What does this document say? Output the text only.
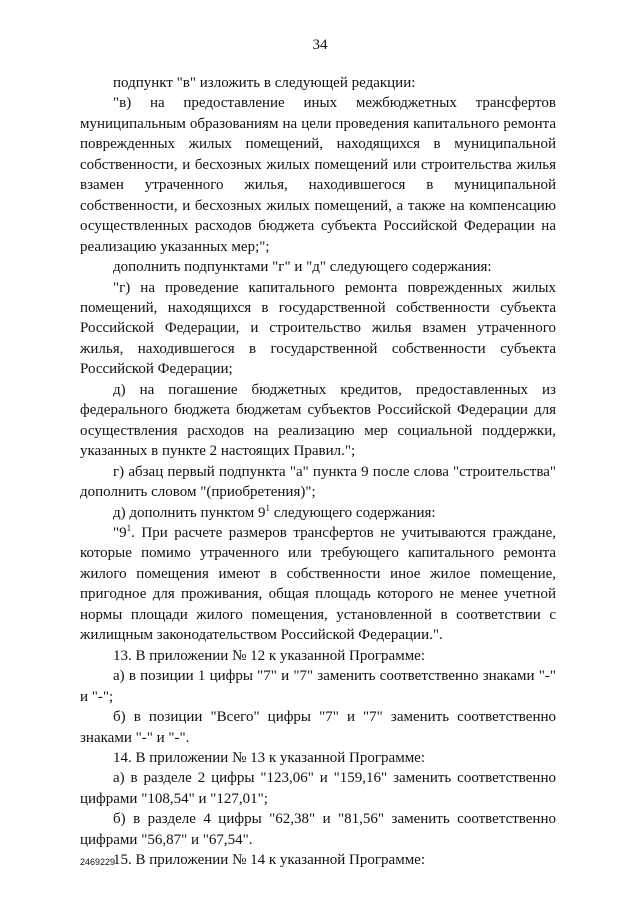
34

подпункт "в" изложить в следующей редакции:

"в) на предоставление иных межбюджетных трансфертов муниципальным образованиям на цели проведения капитального ремонта поврежденных жилых помещений, находящихся в муниципальной собственности, и бесхозных жилых помещений или строительства жилья взамен утраченного жилья, находившегося в муниципальной собственности, и бесхозных жилых помещений, а также на компенсацию осуществленных расходов бюджета субъекта Российской Федерации на реализацию указанных мер;";

дополнить подпунктами "г" и "д" следующего содержания:

"г) на проведение капитального ремонта поврежденных жилых помещений, находящихся в государственной собственности субъекта Российской Федерации, и строительство жилья взамен утраченного жилья, находившегося в государственной собственности субъекта Российской Федерации;

д) на погашение бюджетных кредитов, предоставленных из федерального бюджета бюджетам субъектов Российской Федерации для осуществления расходов на реализацию мер социальной поддержки, указанных в пункте 2 настоящих Правил.";

г) абзац первый подпункта "а" пункта 9 после слова "строительства" дополнить словом "(приобретения)";

д) дополнить пунктом $9^1$ следующего содержания:

"$9^1$. При расчете размеров трансфертов не учитываются граждане, которые помимо утраченного или требующего капитального ремонта жилого помещения имеют в собственности иное жилое помещение, пригодное для проживания, общая площадь которого не менее учетной нормы площади жилого помещения, установленной в соответствии с жилищным законодательством Российской Федерации.".

13. В приложении № 12 к указанной Программе:

а) в позиции 1 цифры "7" и "7" заменить соответственно знаками "-" и "-";

б) в позиции "Всего" цифры "7" и "7" заменить соответственно знаками "-" и "-".

14. В приложении № 13 к указанной Программе:

а) в разделе 2 цифры "123,06" и "159,16" заменить соответственно цифрами "108,54" и "127,01";

б) в разделе 4 цифры "62,38" и "81,56" заменить соответственно цифрами "56,87" и "67,54".

15. В приложении № 14 к указанной Программе:

2469229
